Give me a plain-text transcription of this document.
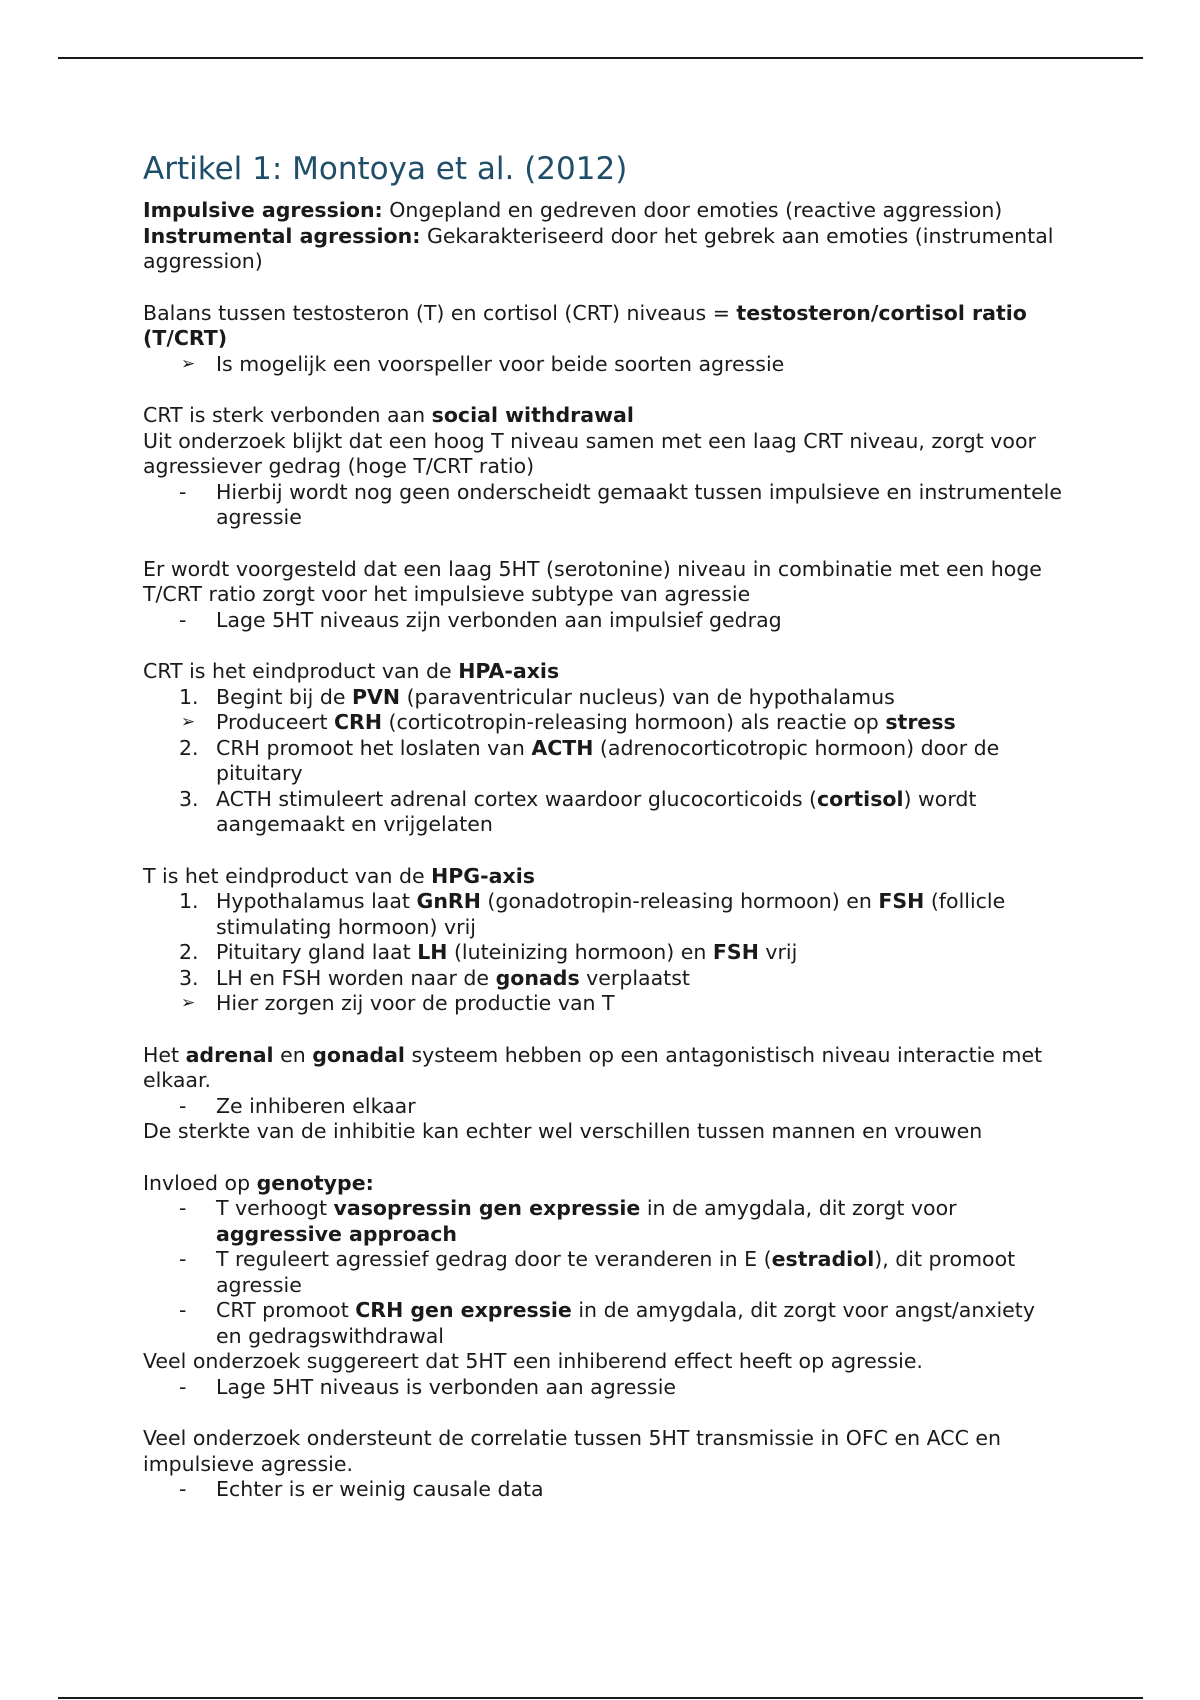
Artikel 1: Montoya et al. (2012)

Impulsive agression: Ongepland en gedreven door emoties (reactive aggression)

Instrumental agression: Gekarakteriseerd door het gebrek aan emoties (instrumental aggression)

Balans tussen testosteron (T) en cortisol (CRT) niveaus = testosteron/cortisol ratio (T/CRT)

➢	Is mogelijk een voorspeller voor beide soorten agressie

CRT is sterk verbonden aan social withdrawal

Uit onderzoek blijkt dat een hoog T niveau samen met een laag CRT niveau, zorgt voor agressiever gedrag (hoge T/CRT ratio)

-	Hierbij wordt nog geen onderscheidt gemaakt tussen impulsieve en instrumentele agressie

Er wordt voorgesteld dat een laag 5HT (serotonine) niveau in combinatie met een hoge T/CRT ratio zorgt voor het impulsieve subtype van agressie

-	Lage 5HT niveaus zijn verbonden aan impulsief gedrag

CRT is het eindproduct van de HPA-axis

1. Begint bij de PVN (paraventricular nucleus) van de hypothalamus
➢	Produceert CRH (corticotropin-releasing hormoon) als reactie op stress
2. CRH promoot het loslaten van ACTH (adrenocorticotropic hormoon) door de pituitary
3. ACTH stimuleert adrenal cortex waardoor glucocorticoids (cortisol) wordt aangemaakt en vrijgelaten

T is het eindproduct van de HPG-axis

1. Hypothalamus laat GnRH (gonadotropin-releasing hormoon) en FSH (follicle stimulating hormoon) vrij
2. Pituitary gland laat LH (luteinizing hormoon) en FSH vrij
3. LH en FSH worden naar de gonads verplaatst
➢	Hier zorgen zij voor de productie van T

Het adrenal en gonadal systeem hebben op een antagonistisch niveau interactie met elkaar.

-	Ze inhiberen elkaar

De sterkte van de inhibitie kan echter wel verschillen tussen mannen en vrouwen

Invloed op genotype:

-	T verhoogt vasopressin gen expressie in de amygdala, dit zorgt voor aggressive approach
-	T reguleert agressief gedrag door te veranderen in E (estradiol), dit promoot agressie
-	CRT promoot CRH gen expressie in de amygdala, dit zorgt voor angst/anxiety en gedragswithdrawal

Veel onderzoek suggereert dat 5HT een inhiberend effect heeft op agressie.

-	Lage 5HT niveaus is verbonden aan agressie

Veel onderzoek ondersteunt de correlatie tussen 5HT transmissie in OFC en ACC en impulsieve agressie.

-	Echter is er weinig causale data
